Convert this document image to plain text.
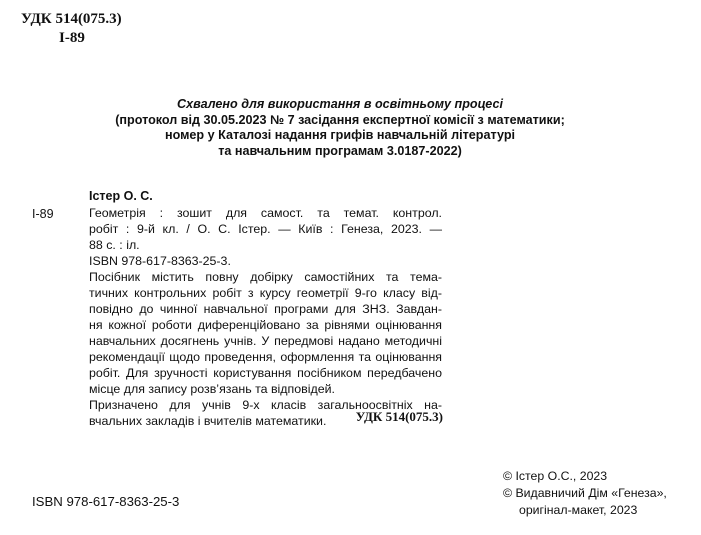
УДК 514(075.3)
І-89
Схвалено для використання в освітньому процесі
(протокол від 30.05.2023 № 7 засідання експертної комісії з математики;
номер у Каталозі надання грифів навчальній літературі
та навчальним програмам 3.0187-2022)
Істер О. С.
І-89	Геометрія : зошит для самост. та темат. контрол.
робіт : 9-й кл. / О. С. Істер. — Київ : Генеза, 2023. —
88 с. : іл.
ISBN 978-617-8363-25-3.
Посібник містить повну добірку самостійних та тема-
тичних контрольних робіт з курсу геометрії 9-го класу від-
повідно до чинної навчальної програми для ЗНЗ. Завдан-
ня кожної роботи диференційовано за рівнями оцінювання
навчальних досягнень учнів. У передмові надано методичні
рекомендації щодо проведення, оформлення та оцінювання
робіт. Для зручності користування посібником передбачено
місце для запису розв’язань та відповідей.
Призначено для учнів 9-х класів загальноосвітніх на-
вчальних закладів і вчителів математики.	УДК 514(075.3)
ISBN 978-617-8363-25-3
© Істер О.С., 2023
© Видавничий Дім «Генеза»,
оригінал-макет, 2023
